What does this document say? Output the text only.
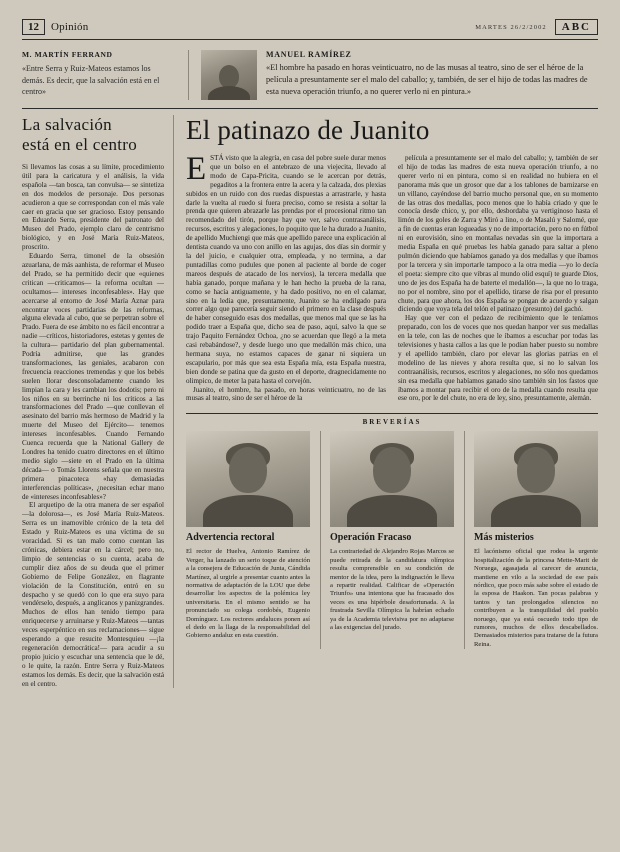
12	Opinión	MARTES 26/2/2002	ABC
M. MARTÍN FERRAND
«Entre Serra y Ruiz-Mateos estamos los demás. Es decir, que la salvación está en el centro»
MANUEL RAMÍREZ
«El hombre ha pasado en horas veinticuatro, no de las musas al teatro, sino de ser el héroe de la película a presuntamente ser el malo del caballo; y, también, de ser el hijo de todas las madres de esta nueva operación triunfo, a no querer verlo ni en pintura.»
La salvación
está en el centro

Si llevamos las cosas a su límite, procedimiento útil para la caricatura y el análisis, la vida española —tan bosca, tan convulsa— se sintetiza en dos modelos de personaje. Dos personas acudieron a que se correspondan con el más vale caer en gracia que ser gracioso. Estoy pensando en Eduardo Serra, presidente del patronato del Museo del Prado, ejemplo claro de centrismo biológico, y en José María Ruiz-Mateos, proscrito.

Eduardo Serra, timonel de la obsesión azuarlana, de más aanhista, de reformar el Museo del Prado, se ha permitido decir que «quienes critican —criticamos— la reforma ocultan —ocultamos— intereses inconfesables». Hay que acercarse al entorno de José María Aznar para encontrar voces partidarias de las reformas, alguna elevada al cubo, que se perpetran sobre el Prado. Fuera de ese ámbito no es fácil encontrar a nadie —críticos, historiadores, estetas y gentes de la cultura— partidario del plan gubernamental. Podría admitirse, que las grandes transformaciones, las geniales, acabaron con frecuencia reacciones tremendas y que los bebés suelen llorar desconsoladamente cuando les limpian la cara y les cambian los dodotis; pero ni los niños en su berrinche ni los críticos a las transformaciones del Prado —que conllevan el asesinato del barrio más hermoso de Madrid y la muerte del Museo del Ejército— tenemos intereses inconfesables. Cuando Fernando Cuenca recuerda que la National Gallery de Londres ha tenido cuatro directores en el último medio siglo —siete en el Prado en la última década— o Tomás Llorens señala que en nuestra primera pinacoteca «hay demasiadas interferencias políticas», ¿necesitan echar mano de «intereses inconfesables»?

El arquetipo de la otra manera de ser español —la dolorosa—, es José María Ruiz-Mateos. Serra es un inamovible crónico de la teta del Estado y Ruiz-Mateos es una víctima de su voracidad. Si es tan malo como cuentan las crónicas, debiera estar en la cárcel; pero no, limpio de sentencias o su cuenta, acaba de cumplir diez años de su deuda que el primer Gobierno de Felipe González, en flagrante violación de la Constitución, entró en su despacho y se quedó con lo que era suyo para vendérselo, después, a anglicanos y panizgrandes. Muchos de ellos han tenido tiempo para enriquecerse y arruinarse y Ruiz-Mateos —tantas veces esperpéntico en sus reclamaciones— sigue esperando a que resucite Montesquieu —¡la regeneración democrática!— para acudir a su propio juicio y escuchar una sentencia que le dé, o le quite, la razón. Entre Serra y Ruiz-Mateos estamos los demás. Es decir, que la salvación está en el centro.

El patinazo de Juanito

ESTÁ visto que la alegría, en casa del pobre suele durar menos que un bolso en el antebrazo de una viejecita, llevado al modo de Capa-Pricita, cuando se le acercan por detrás, pegaditos a la frontera entre la acera y la calzada, dos plexias subidos en un ruido con dos ruedas dispuestas a arrastrarle, y hasta darle la vuelta al ruedo si fuera preciso, como se resista a soltar la prenda que quieren abrazarle las prendas por el procesional ritmo tan recomendado del tirón, porque hay que ver, salvo contrasanálisis, recursos, escritos y alegaciones, lo poquito que le ha durado a Juanito, de apellido Muchiengi que más que apellido parece una explicación al dentista cuando va uno con anillo en las agujas, dos días sin dormir y la del juicio, e cualquier otra, empleada, y no termina, a dar puntadillas como pudules que ponen al paciente al borde de coger mareos después de atacado de los nervios), la tercera medalla que había ganado, porque mañana y le han hecho la prueba de la rana, como se hacía antiguamente, y ha dado positivo, no en el calamar, sino en la ledia que, presuntamente, Juanito se ha endilgado para correr algo que parecería seguir siendo el primero en la clase después de haber conseguido esas dos medallas, que menos mal que se las ha podido traer a España que, dicho sea de paso, aquí, salvo la que se trajo Paquito Fernández Ochoa, ¿no se acuerdan que llegó a la meta casi rebabándose?, y desde luego uno que medallón más chico, una hermana suya, no estamos capaces de ganar ni siquiera un escapulario, por más que sea esta España mía, esta España nuestra, bien donde se patina que da gusto en el deporte, dragnecidamente no olimpico, de meter la pata hasta el corvejón.

Juanito, el hombre, ha pasado, en horas veinticuatro, no de las musas al teatro, sino de ser el héroe de la

película a presuntamente ser el malo del caballo; y, también de ser el hijo de todas las madres de esta nueva operación triunfo, a no querer verlo ni en pintura, como si en realidad no hubiera en el panorama más que un grosor que dar a los tablones de barnizarse en un villano, cayéndose del barrio mucho personal que, en su momento de las otras dos medallas, poco menos que lo había criado y que le conocía desde chico, y, por ello, desbordaba ya vertiginoso hasta el limón de los goles de Zarra y Miró a lino, o de Masalú y Salomé, que a fin de cuentas eran logueadas y no de importación, pero no en fútbol ni en eurovisión, sino en montañas nevadas sin que la importara a media España en qué pruebas les había ganado para saltar a pleno pulmón diciendo que habíamos ganado ya dos medallas y que íbamos por la tercera y sin importarle tampoco a la otra media —yo lo decía el poeta: siempre cito que vibras al mundo olid esquí) te guarde Dios, uno de jes dos España ha de baterte el medallón—, la que no lo traga, no por el nombre, sino por el apellido, tirarse de risa por el presunto chute, para que ahora, los dos España se pongan de acuerdo y salgan diciendo que voya tela del telón el patinazo (presunto) del gachó.

Hay que ver con el pedazo de recibimiento que le teníamos preparado, con los de voces que nos quedan hanpor ver sus medallas en la tele, con las de noches que le íbamos a escuchar por todas las televisiones y hasta callos a las que le podían haber puesto su nombre y el apellido también, claro por elevar las glorias patrias en el modelino de las nieves y ahora resulta que, si no lo salvan los contraanálisis, recursos, escritos y alegaciones, no sólo nos quedamos sin esa medalla que habíamos ganado sino también sin los fastos que íbamos a montar para recibir el oro de la medalla cuando resulta que ese oro, por le del chute, no era de ley, sino, presuntamente, alemán.

BREVERÍAS
Advertencia rectoral
El rector de Huelva, Antonio Ramírez de Verger, ha lanzado un serio toque de atención a la consejera de Educación de Junta, Cándida Martínez, al urgirle a presentar cuanto antes la normativa de adaptación de la LOU que debe desarrollar los aspectos de la polémica ley universitaria. En el mismo sentido se ha pronunciado su colega cordobés, Eugenio Domínguez. Los rectores andaluces ponen así el dedo en la llaga de la responsabilidad del Gobierno andaluz en esta cuestión.
Operación Fracaso
La contrariedad de Alejandro Rojas Marcos se puede retirada de la candidatura olímpica resulta comprensible en su condición de mentor de la idea, pero la indignación le lleva a repartir realidad. Calificar de «Operación Triunfo» una intentona que ha fracasado dos veces es una hipérbole desafortunada. A la frustrada Sevilla Olímpica la habrían echado ya de la Academia televisiva por no adaptarse a las exigencias del jurado.
Más misterios
El lacónismo oficial que rodea la urgente hospitalización de la princesa Mette-Marit de Noruega, agasajada al carecer de anuncia, mantiene en vilo a la sociedad de ese país nórdico, que poco más sabe sobre el estado de la esposa de Haakon. Tan pocas palabras y tantos y tan prolongados silencios no contribuyen a la tranquilidad del pueblo noruego, que ya está oscuedo todo tipo de rumores, muchos de ellos descabellados. Demasiados misterios para tratarse de la futura Reina.
